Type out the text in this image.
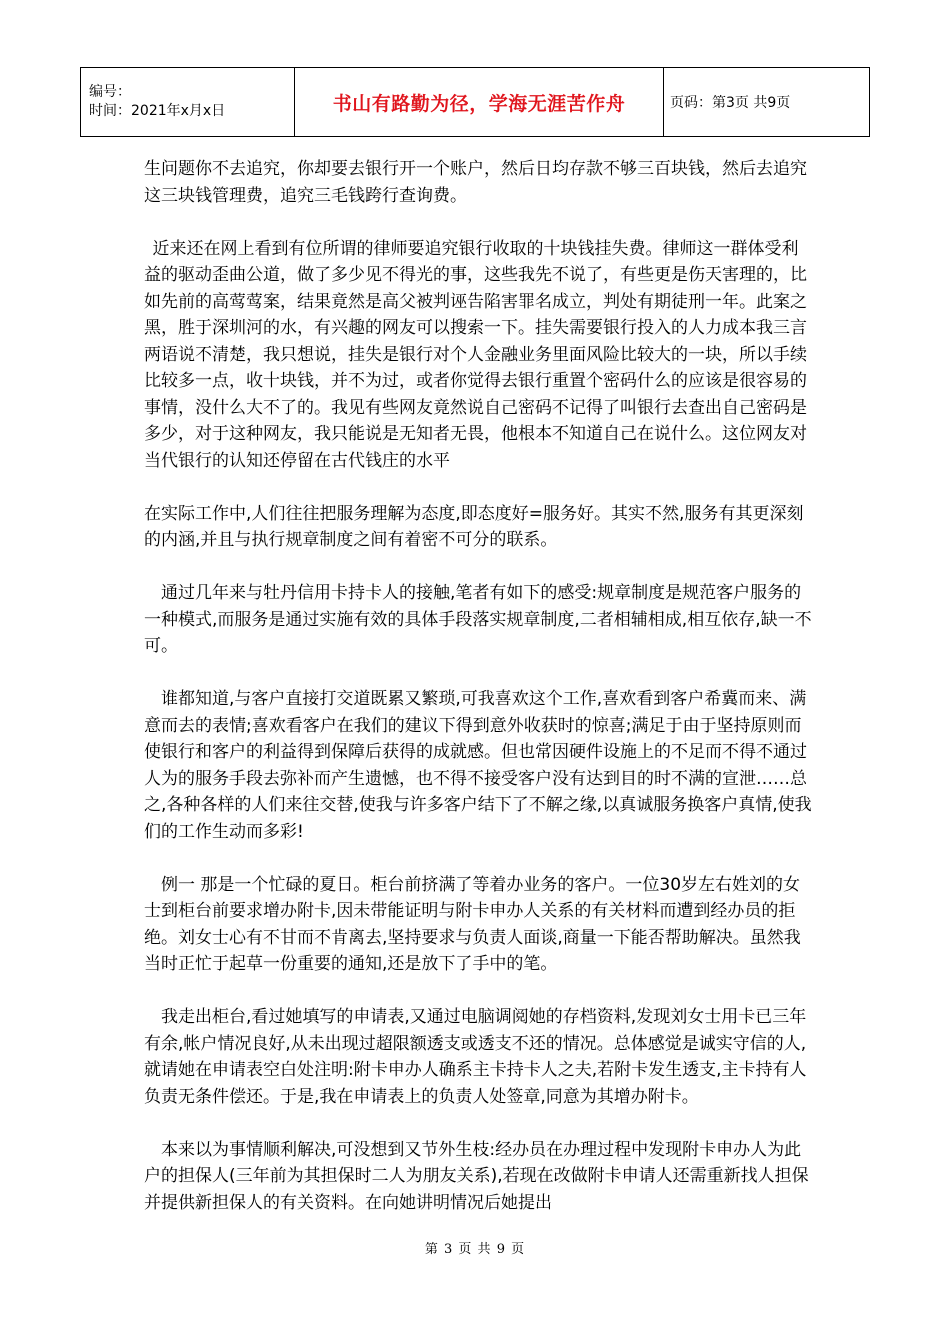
编号：
时间：2021年x月x日	书山有路勤为径，学海无涯苦作舟	页码：第3页 共9页

生问题你不去追究，你却要去银行开一个账户，然后日均存款不够三百块钱，然后去追究这三块钱管理费，追究三毛钱跨行查询费。

近来还在网上看到有位所谓的律师要追究银行收取的十块钱挂失费。律师这一群体受利益的驱动歪曲公道，做了多少见不得光的事，这些我先不说了，有些更是伤天害理的，比如先前的高莺莺案，结果竟然是高父被判诬告陷害罪名成立，判处有期徒刑一年。此案之黑，胜于深圳河的水，有兴趣的网友可以搜索一下。挂失需要银行投入的人力成本我三言两语说不清楚，我只想说，挂失是银行对个人金融业务里面风险比较大的一块，所以手续比较多一点，收十块钱，并不为过，或者你觉得去银行重置个密码什么的应该是很容易的事情，没什么大不了的。我见有些网友竟然说自己密码不记得了叫银行去查出自己密码是多少，对于这种网友，我只能说是无知者无畏，他根本不知道自己在说什么。这位网友对当代银行的认知还停留在古代钱庄的水平

在实际工作中,人们往往把服务理解为态度,即态度好=服务好。其实不然,服务有其更深刻的内涵,并且与执行规章制度之间有着密不可分的联系。

通过几年来与牡丹信用卡持卡人的接触,笔者有如下的感受:规章制度是规范客户服务的一种模式,而服务是通过实施有效的具体手段落实规章制度,二者相辅相成,相互依存,缺一不可。

谁都知道,与客户直接打交道既累又繁琐,可我喜欢这个工作,喜欢看到客户希冀而来、满意而去的表情;喜欢看客户在我们的建议下得到意外收获时的惊喜;满足于由于坚持原则而使银行和客户的利益得到保障后获得的成就感。但也常因硬件设施上的不足而不得不通过人为的服务手段去弥补而产生遗憾，也不得不接受客户没有达到目的时不满的宣泄……总之,各种各样的人们来往交替,使我与许多客户结下了不解之缘,以真诚服务换客户真情,使我们的工作生动而多彩!

例一 那是一个忙碌的夏日。柜台前挤满了等着办业务的客户。一位30岁左右姓刘的女士到柜台前要求增办附卡,因未带能证明与附卡申办人关系的有关材料而遭到经办员的拒绝。刘女士心有不甘而不肯离去,坚持要求与负责人面谈,商量一下能否帮助解决。虽然我当时正忙于起草一份重要的通知,还是放下了手中的笔。

我走出柜台,看过她填写的申请表,又通过电脑调阅她的存档资料,发现刘女士用卡已三年有余,帐户情况良好,从未出现过超限额透支或透支不还的情况。总体感觉是诚实守信的人,就请她在申请表空白处注明:附卡申办人确系主卡持卡人之夫,若附卡发生透支,主卡持有人负责无条件偿还。于是,我在申请表上的负责人处签章,同意为其增办附卡。

本来以为事情顺利解决,可没想到又节外生枝:经办员在办理过程中发现附卡申办人为此户的担保人(三年前为其担保时二人为朋友关系),若现在改做附卡申请人还需重新找人担保并提供新担保人的有关资料。在向她讲明情况后她提出

第 3 页 共 9 页
